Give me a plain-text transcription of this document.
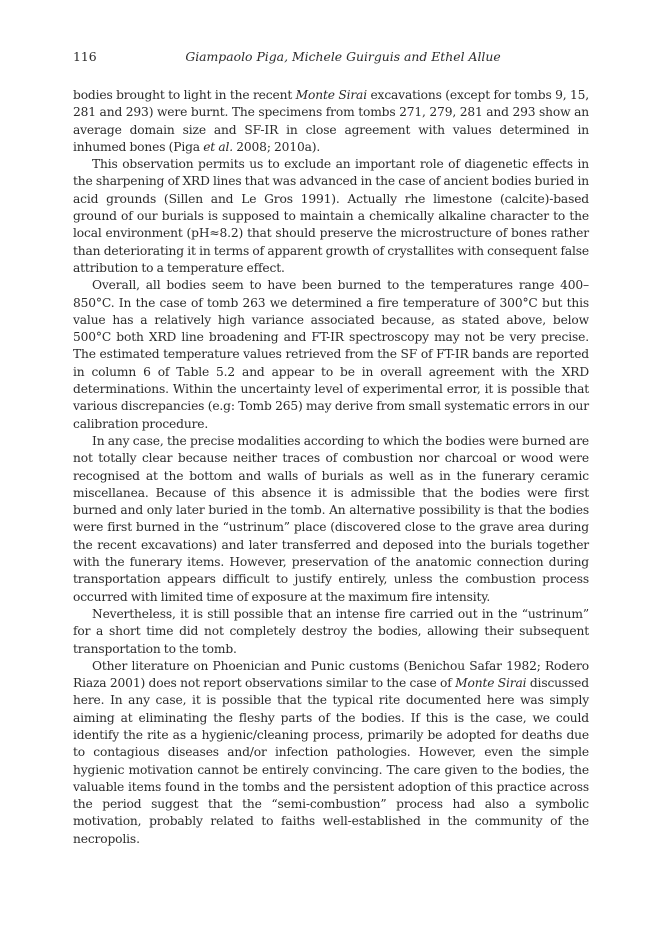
116	Giampaolo Piga, Michele Guirguis and Ethel Allue

bodies brought to light in the recent Monte Sirai excavations (except for tombs 9, 15, 281 and 293) were burnt. The specimens from tombs 271, 279, 281 and 293 show an average domain size and SF-IR in close agreement with values determined in inhumed bones (Piga et al. 2008; 2010a).

This observation permits us to exclude an important role of diagenetic effects in the sharpening of XRD lines that was advanced in the case of ancient bodies buried in acid grounds (Sillen and Le Gros 1991). Actually rhe limestone (calcite)-based ground of our burials is supposed to maintain a chemically alkaline character to the local environment (pH≈8.2) that should preserve the microstructure of bones rather than deteriorating it in terms of apparent growth of crystallites with consequent false attribution to a temperature effect.

Overall, all bodies seem to have been burned to the temperatures range 400–850°C. In the case of tomb 263 we determined a fire temperature of 300°C but this value has a relatively high variance associated because, as stated above, below 500°C both XRD line broadening and FT-IR spectroscopy may not be very precise. The estimated temperature values retrieved from the SF of FT-IR bands are reported in column 6 of Table 5.2 and appear to be in overall agreement with the XRD determinations. Within the uncertainty level of experimental error, it is possible that various discrepancies (e.g: Tomb 265) may derive from small systematic errors in our calibration procedure.

In any case, the precise modalities according to which the bodies were burned are not totally clear because neither traces of combustion nor charcoal or wood were recognised at the bottom and walls of burials as well as in the funerary ceramic miscellanea. Because of this absence it is admissible that the bodies were first burned and only later buried in the tomb. An alternative possibility is that the bodies were first burned in the “ustrinum” place (discovered close to the grave area during the recent excavations) and later transferred and deposed into the burials together with the funerary items. However, preservation of the anatomic connection during transportation appears difficult to justify entirely, unless the combustion process occurred with limited time of exposure at the maximum fire intensity.

Nevertheless, it is still possible that an intense fire carried out in the “ustrinum” for a short time did not completely destroy the bodies, allowing their subsequent transportation to the tomb.

Other literature on Phoenician and Punic customs (Benichou Safar 1982; Rodero Riaza 2001) does not report observations similar to the case of Monte Sirai discussed here. In any case, it is possible that the typical rite documented here was simply aiming at eliminating the fleshy parts of the bodies. If this is the case, we could identify the rite as a hygienic/cleaning process, primarily be adopted for deaths due to contagious diseases and/or infection pathologies. However, even the simple hygienic motivation cannot be entirely convincing. The care given to the bodies, the valuable items found in the tombs and the persistent adoption of this practice across the period suggest that the “semi-combustion” process had also a symbolic motivation, probably related to faiths well-established in the community of the necropolis.
